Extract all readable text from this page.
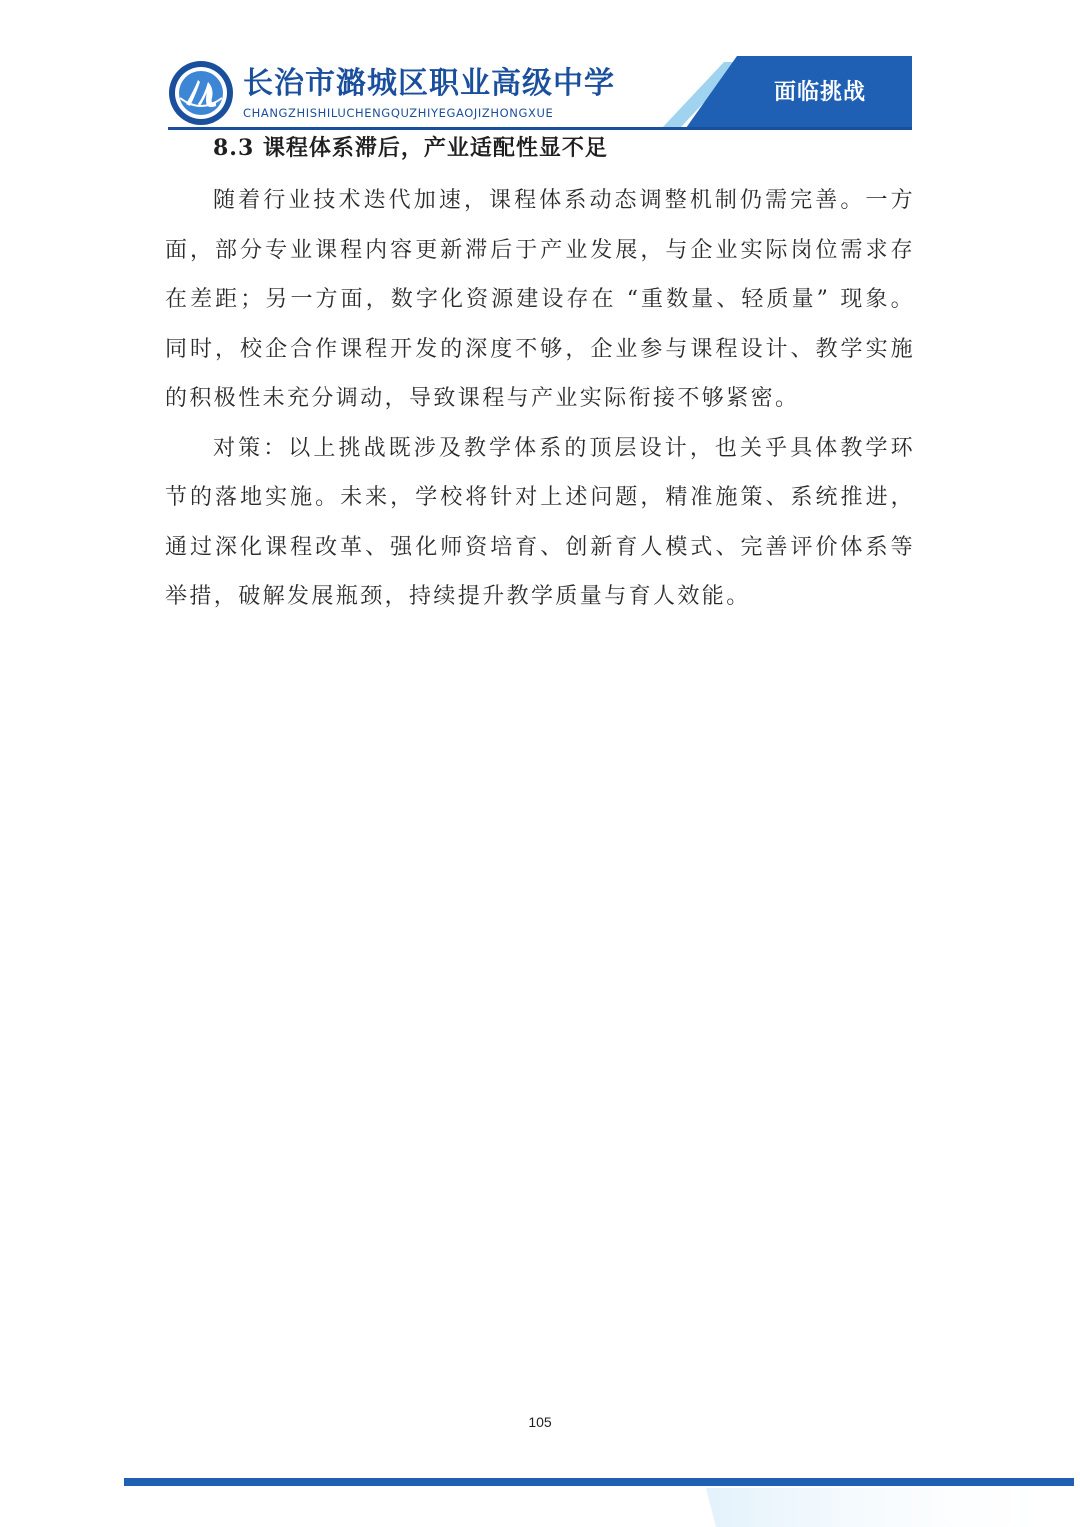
长治市潞城区职业高级中学
CHANGZHISHILUCHENGQUZHIYEGAOJIZHONGXUE
面临挑战
8.3 课程体系滞后，产业适配性显不足

随着行业技术迭代加速，课程体系动态调整机制仍需完善。一方面，部分专业课程内容更新滞后于产业发展，与企业实际岗位需求存在差距；另一方面，数字化资源建设存在 “重数量、轻质量” 现象。同时，校企合作课程开发的深度不够，企业参与课程设计、教学实施的积极性未充分调动，导致课程与产业实际衔接不够紧密。

对策：以上挑战既涉及教学体系的顶层设计，也关乎具体教学环节的落地实施。未来，学校将针对上述问题，精准施策、系统推进，通过深化课程改革、强化师资培育、创新育人模式、完善评价体系等举措，破解发展瓶颈，持续提升教学质量与育人效能。

105
